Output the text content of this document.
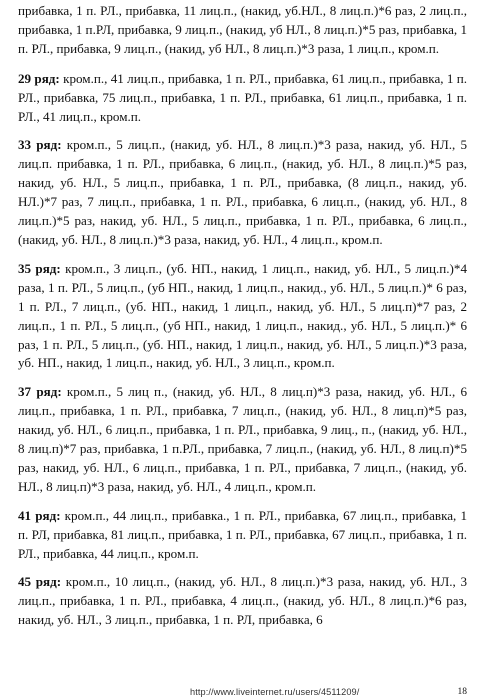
прибавка, 1 п. РЛ., прибавка, 11 лиц.п., (накид, уб.НЛ., 8 лиц.п.)*6 раз, 2 лиц.п., прибавка, 1 п.РЛ, прибавка, 9 лиц.п., (накид, уб НЛ., 8 лиц.п.)*5 раз, прибавка, 1 п. РЛ., прибавка, 9 лиц.п., (накид, уб НЛ., 8 лиц.п.)*3 раза, 1 лиц.п., кром.п.

29 ряд: кром.п., 41 лиц.п., прибавка, 1 п. РЛ., прибавка, 61 лиц.п., прибавка, 1 п. РЛ., прибавка, 75 лиц.п., прибавка, 1 п. РЛ., прибавка, 61 лиц.п., прибавка, 1 п. РЛ., 41 лиц.п., кром.п.

33 ряд: кром.п., 5 лиц.п., (накид, уб. НЛ., 8 лиц.п.)*3 раза, накид, уб. НЛ., 5 лиц.п. прибавка, 1 п. РЛ., прибавка, 6 лиц.п., (накид, уб. НЛ., 8 лиц.п.)*5 раз, накид, уб. НЛ., 5 лиц.п., прибавка, 1 п. РЛ., прибавка, (8 лиц.п., накид, уб. НЛ.)*7 раз, 7 лиц.п., прибавка, 1 п. РЛ., прибавка, 6 лиц.п., (накид, уб. НЛ., 8 лиц.п.)*5 раз, накид, уб. НЛ., 5 лиц.п., прибавка, 1 п. РЛ., прибавка, 6 лиц.п., (накид, уб. НЛ., 8 лиц.п.)*3 раза, накид, уб. НЛ., 4 лиц.п., кром.п.

35 ряд: кром.п., 3 лиц.п., (уб. НП., накид, 1 лиц.п., накид, уб. НЛ., 5 лиц.п.)*4 раза, 1 п. РЛ., 5 лиц.п., (уб НП., накид, 1 лиц.п., накид., уб. НЛ., 5 лиц.п.)* 6 раз, 1 п. РЛ., 7 лиц.п., (уб. НП., накид, 1 лиц.п., накид, уб. НЛ., 5 лиц.п)*7 раз, 2 лиц.п., 1 п. РЛ., 5 лиц.п., (уб НП., накид, 1 лиц.п., накид., уб. НЛ., 5 лиц.п.)* 6 раз, 1 п. РЛ., 5 лиц.п., (уб. НП., накид, 1 лиц.п., накид, уб. НЛ., 5 лиц.п.)*3 раза, уб. НП., накид, 1 лиц.п., накид, уб. НЛ., 3 лиц.п., кром.п.

37 ряд: кром.п., 5 лиц п., (накид, уб. НЛ., 8 лиц.п)*3 раза, накид, уб. НЛ., 6 лиц.п., прибавка, 1 п. РЛ., прибавка, 7 лиц.п., (накид, уб. НЛ., 8 лиц.п)*5 раз, накид, уб. НЛ., 6 лиц.п., прибавка, 1 п. РЛ., прибавка, 9 лиц., п., (накид, уб. НЛ., 8 лиц.п)*7 раз, прибавка, 1 п.РЛ., прибавка, 7 лиц.п., (накид, уб. НЛ., 8 лиц.п)*5 раз, накид, уб. НЛ., 6 лиц.п., прибавка, 1 п. РЛ., прибавка, 7 лиц.п., (накид, уб. НЛ., 8 лиц.п)*3 раза, накид, уб. НЛ., 4 лиц.п., кром.п.

41 ряд: кром.п., 44 лиц.п., прибавка., 1 п. РЛ., прибавка, 67 лиц.п., прибавка, 1 п. РЛ, прибавка, 81 лиц.п., прибавка, 1 п. РЛ., прибавка, 67 лиц.п., прибавка, 1 п. РЛ., прибавка, 44 лиц.п., кром.п.

45 ряд: кром.п., 10 лиц.п., (накид, уб. НЛ., 8 лиц.п.)*3 раза, накид, уб. НЛ., 3 лиц.п., прибавка, 1 п. РЛ., прибавка, 4 лиц.п., (накид, уб. НЛ., 8 лиц.п.)*6 раз, накид, уб. НЛ., 3 лиц.п., прибавка, 1 п. РЛ, прибавка, 6

http://www.liveinternet.ru/users/4511209/	18
